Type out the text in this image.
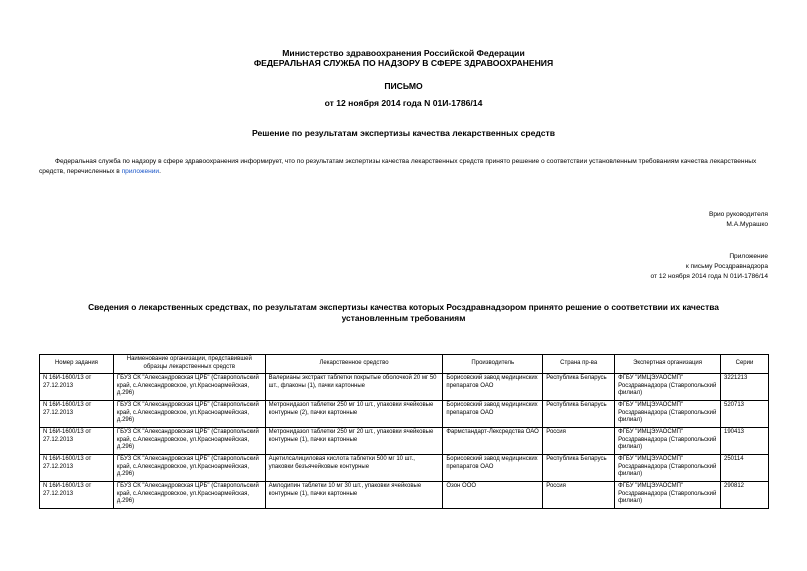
Министерство здравоохранения Российской Федерации
ФЕДЕРАЛЬНАЯ СЛУЖБА ПО НАДЗОРУ В СФЕРЕ ЗДРАВООХРАНЕНИЯ
ПИСЬМО
от 12 ноября 2014 года N 01И-1786/14
Решение по результатам экспертизы качества лекарственных средств
Федеральная служба по надзору в сфере здравоохранения информирует, что по результатам экспертизы качества лекарственных средств принято решение о соответствии установленным требованиям качества лекарственных средств, перечисленных в приложении.
Врио руководителя
М.А.Мурашко
Приложение
к письму Росздравнадзора
от 12 ноября 2014 года N 01И-1786/14
Сведения о лекарственных средствах, по результатам экспертизы качества которых Росздравнадзором принято решение о соответствии их качества установленным требованиям
Номер задания	Наименование организации, представившей образцы лекарственных средств	Лекарственное средство	Производитель	Страна пр-ва	Экспертная организация	Серии
N 16И-1600/13 от 27.12.2013	ГБУЗ СК "Александровская ЦРБ" (Ставропольский край, с.Александровское, ул.Красноармейская, д.296)	Валерианы экстракт таблетки покрытые оболочкой 20 мг 50 шт., флаконы (1), пачки картонные	Борисовский завод медицинских препаратов ОАО	Республика Беларусь	ФГБУ "ИМЦЭУАОСМП" Росздравнадзора (Ставропольский филиал)	3221213
N 16И-1600/13 от 27.12.2013	ГБУЗ СК "Александровская ЦРБ" (Ставропольский край, с.Александровское, ул.Красноармейская, д.296)	Метронидазол таблетки 250 мг 10 шт., упаковки ячейковые контурные (2), пачки картонные	Борисовский завод медицинских препаратов ОАО	Республика Беларусь	ФГБУ "ИМЦЭУАОСМП" Росздравнадзора (Ставропольский филиал)	520713
N 16И-1600/13 от 27.12.2013	ГБУЗ СК "Александровская ЦРБ" (Ставропольский край, с.Александровское, ул.Красноармейская, д.296)	Метронидазол таблетки 250 мг 20 шт., упаковки ячейковые контурные (1), пачки картонные	Фармстандарт-Лексредства ОАО	Россия	ФГБУ "ИМЦЭУАОСМП" Росздравнадзора (Ставропольский филиал)	190413
N 16И-1600/13 от 27.12.2013	ГБУЗ СК "Александровская ЦРБ" (Ставропольский край, с.Александровское, ул.Красноармейская, д.296)	Ацетилсалициловая кислота таблетки 500 мг 10 шт., упаковки безъячейковые контурные	Борисовский завод медицинских препаратов ОАО	Республика Беларусь	ФГБУ "ИМЦЭУАОСМП" Росздравнадзора (Ставропольский филиал)	250114
N 16И-1600/13 от 27.12.2013	ГБУЗ СК "Александровская ЦРБ" (Ставропольский край, с.Александровское, ул.Красноармейская, д.296)	Амлодипин таблетки 10 мг 30 шт., упаковки ячейковые контурные (1), пачки картонные	Озон ООО	Россия	ФГБУ "ИМЦЭУАОСМП" Росздравнадзора (Ставропольский филиал)	290812
